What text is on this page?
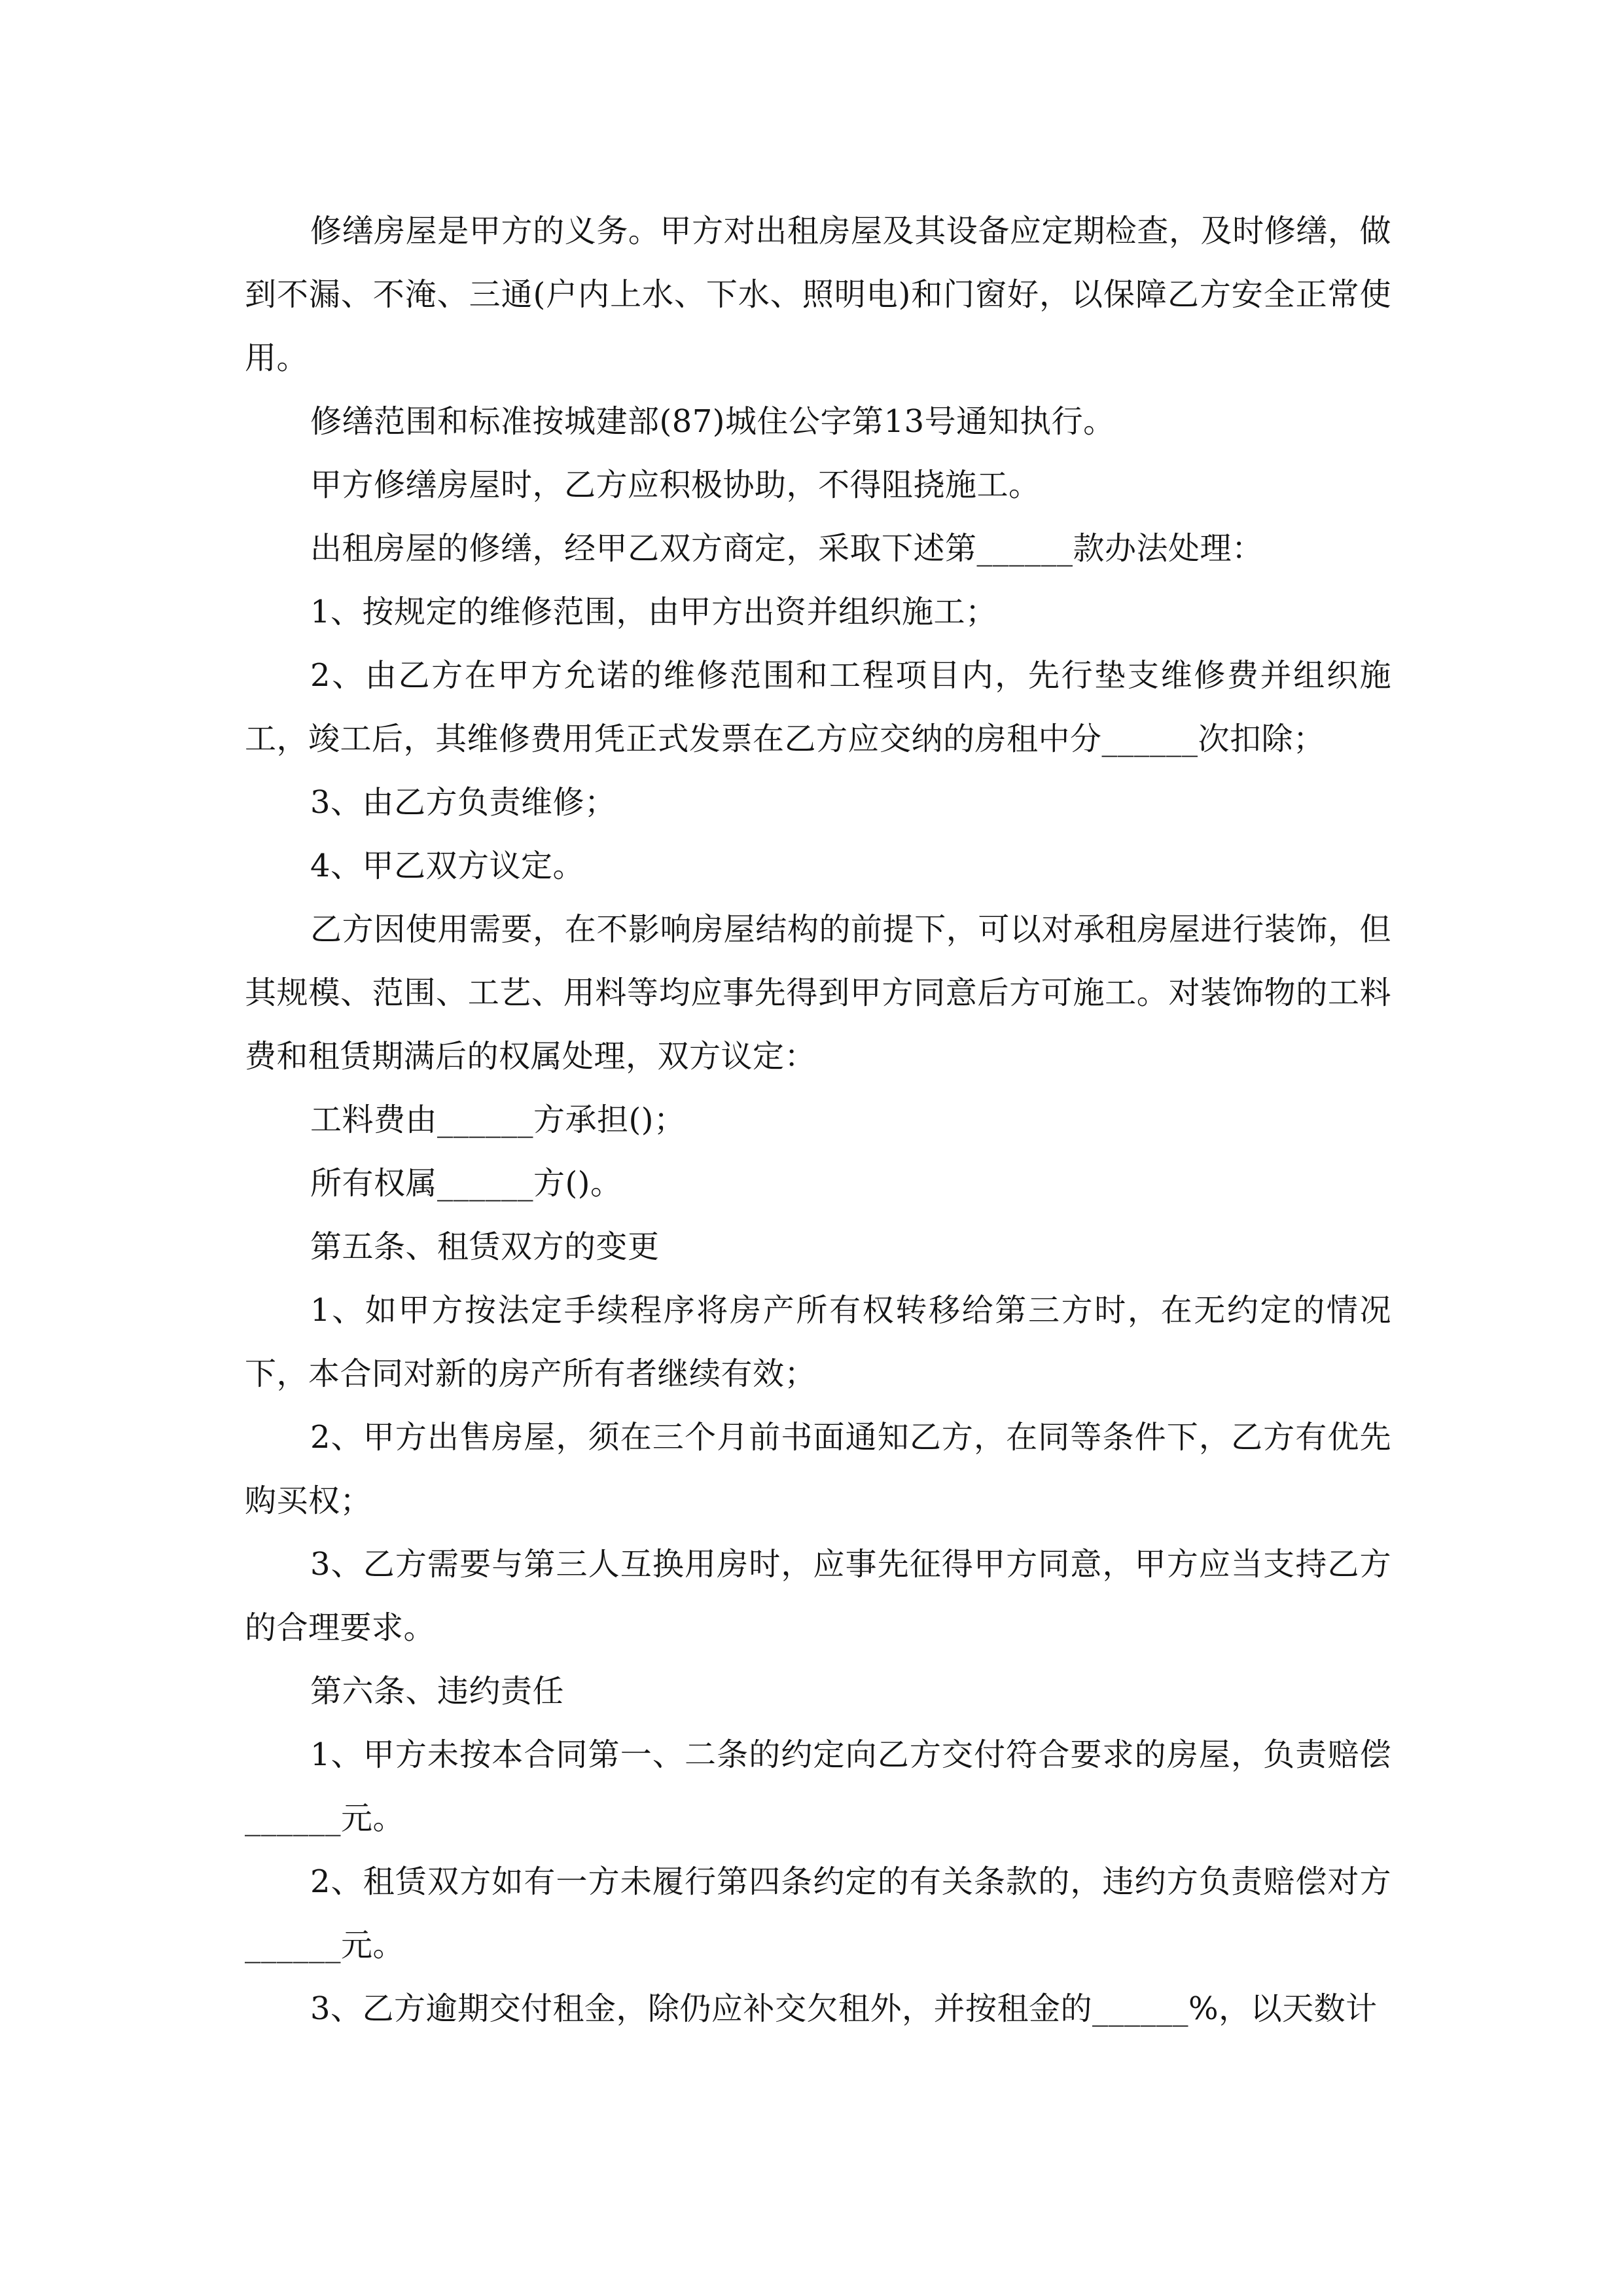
修缮房屋是甲方的义务。甲方对出租房屋及其设备应定期检查，及时修缮，做到不漏、不淹、三通(户内上水、下水、照明电)和门窗好，以保障乙方安全正常使用。

修缮范围和标准按城建部(87)城住公字第13号通知执行。

甲方修缮房屋时，乙方应积极协助，不得阻挠施工。

出租房屋的修缮，经甲乙双方商定，采取下述第______款办法处理：

1、按规定的维修范围，由甲方出资并组织施工；

2、由乙方在甲方允诺的维修范围和工程项目内，先行垫支维修费并组织施工，竣工后，其维修费用凭正式发票在乙方应交纳的房租中分______次扣除；

3、由乙方负责维修；

4、甲乙双方议定。

乙方因使用需要，在不影响房屋结构的前提下，可以对承租房屋进行装饰，但其规模、范围、工艺、用料等均应事先得到甲方同意后方可施工。对装饰物的工料费和租赁期满后的权属处理，双方议定：

工料费由______方承担()；

所有权属______方()。

第五条、租赁双方的变更

1、如甲方按法定手续程序将房产所有权转移给第三方时，在无约定的情况下，本合同对新的房产所有者继续有效；

2、甲方出售房屋，须在三个月前书面通知乙方，在同等条件下，乙方有优先购买权；

3、乙方需要与第三人互换用房时，应事先征得甲方同意，甲方应当支持乙方的合理要求。

第六条、违约责任

1、甲方未按本合同第一、二条的约定向乙方交付符合要求的房屋，负责赔偿______元。

2、租赁双方如有一方未履行第四条约定的有关条款的，违约方负责赔偿对方______元。

3、乙方逾期交付租金，除仍应补交欠租外，并按租金的______%，以天数计
